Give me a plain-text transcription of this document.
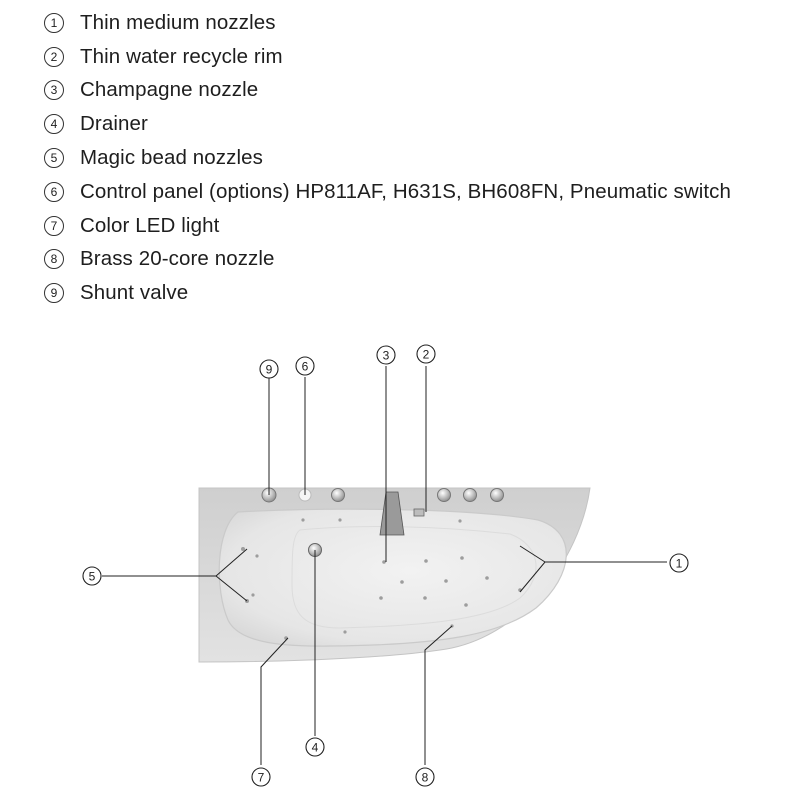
1	Thin medium nozzles
2	Thin water recycle rim
3	Champagne nozzle
4	Drainer
5	Magic bead nozzles
6	Control panel (options) HP811AF, H631S, BH608FN, Pneumatic switch
7	Color LED light
8	Brass 20-core nozzle
9	Shunt valve
9 6
3	2
1
5
4
7	8
